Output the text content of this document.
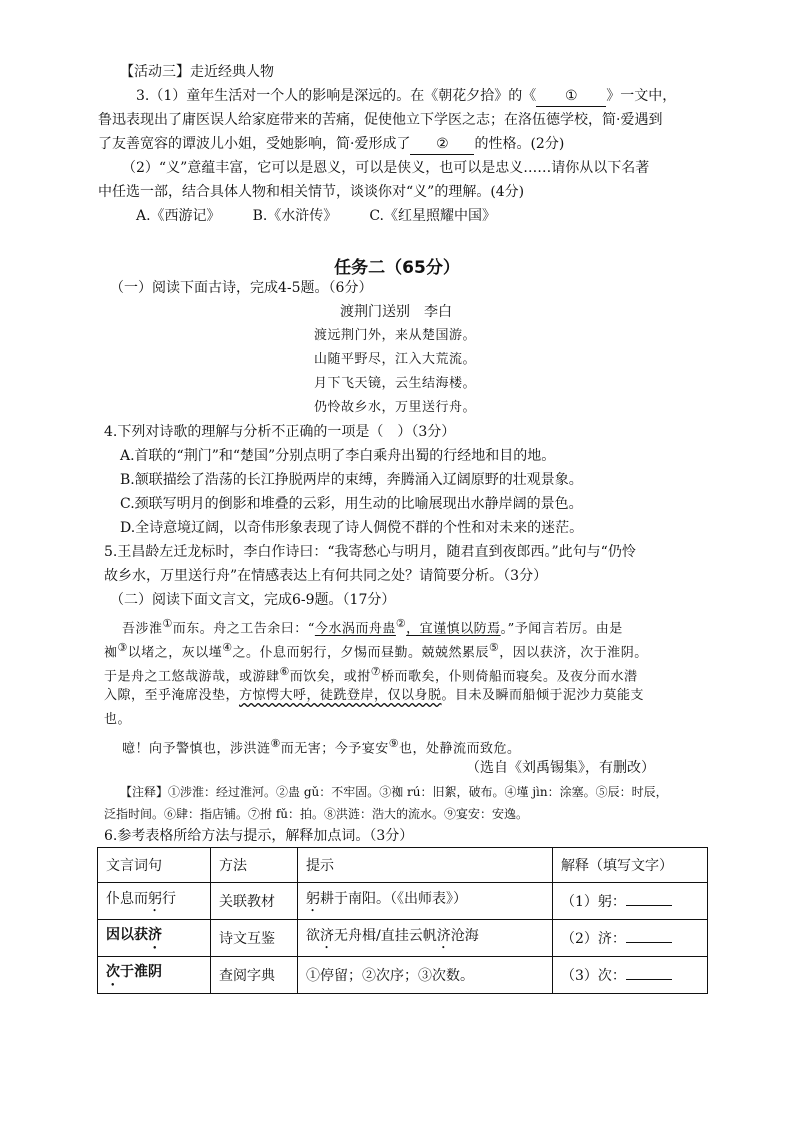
【活动三】走近经典人物
3.（1）童年生活对一个人的影响是深远的。在《朝花夕拾》的《 ① 》一文中，
鲁迅表现出了庸医误人给家庭带来的苦痛，促使他立下学医之志；在洛伍德学校，简·爱遇到
了友善宽容的谭波儿小姐，受她影响，简·爱形成了 ② 的性格。(2分)
（2）“义”意蕴丰富，它可以是恩义，可以是侠义，也可以是忠义……请你从以下名著
中任选一部，结合具体人物和相关情节，谈谈你对“义”的理解。(4分)
A.《西游记》 B.《水浒传》 C.《红星照耀中国》
任务二（65分）
（一）阅读下面古诗，完成4-5题。（6分）
渡荆门送别 李白
渡远荆门外，来从楚国游。
山随平野尽，江入大荒流。
月下飞天镜，云生结海楼。
仍怜故乡水，万里送行舟。
4.下列对诗歌的理解与分析不正确的一项是（　）（3分）
A.首联的“荆门”和“楚国”分别点明了李白乘舟出蜀的行经地和目的地。
B.颔联描绘了浩荡的长江挣脱两岸的束缚，奔腾涌入辽阔原野的壮观景象。
C.颈联写明月的倒影和堆叠的云彩，用生动的比喻展现出水静岸阔的景色。
D.全诗意境辽阔，以奇伟形象表现了诗人倜傥不群的个性和对未来的迷茫。
5.王昌龄左迁龙标时，李白作诗曰：“我寄愁心与明月，随君直到夜郎西。”此句与“仍怜
故乡水，万里送行舟”在情感表达上有何共同之处？请简要分析。（3分）
（二）阅读下面文言文，完成6-9题。（17分）
吾涉淮①而东。舟之工告余曰：“今水涡而舟蛊②，宜谨慎以防焉。”予闻言若厉。由是
袽③以堵之，灰以墐④之。仆息而躬行，夕惕而昼勤。兢兢然累辰⑤，因以获济，次于淮阴。
于是舟之工悠哉游哉，或游肆⑥而饮矣，或拊⑦桥而歌矣，仆则倚船而寝矣。及夜分而水潜
入隙，至乎淹席没垫，方惊愕大呼，徒跣登岸，仅以身脱。目未及瞬而船倾于泥沙力莫能支
也。
噫！向予警慎也，涉洪涟⑧而无害；今予宴安⑨也，处静流而致危。
（选自《刘禹锡集》，有删改）
【注释】①涉淮：经过淮河。②蛊 gǔ：不牢固。③袽 rú：旧絮，破布。④墐 jìn：涂塞。⑤辰：时辰，
泛指时间。⑥肆：指店铺。⑦拊 fǔ：拍。⑧洪涟：浩大的流水。⑨宴安：安逸。
6.参考表格所给方法与提示，解释加点词。（3分）
文言词句	方法	提示	解释（填写文字）
仆息而躬行	关联教材	躬耕于南阳。（《出师表》）	（1）躬：
因以获济	诗文互鉴	欲济无舟楫/直挂云帆济沧海	（2）济：
次于淮阴	查阅字典	①停留；②次序；③次数。	（3）次：
